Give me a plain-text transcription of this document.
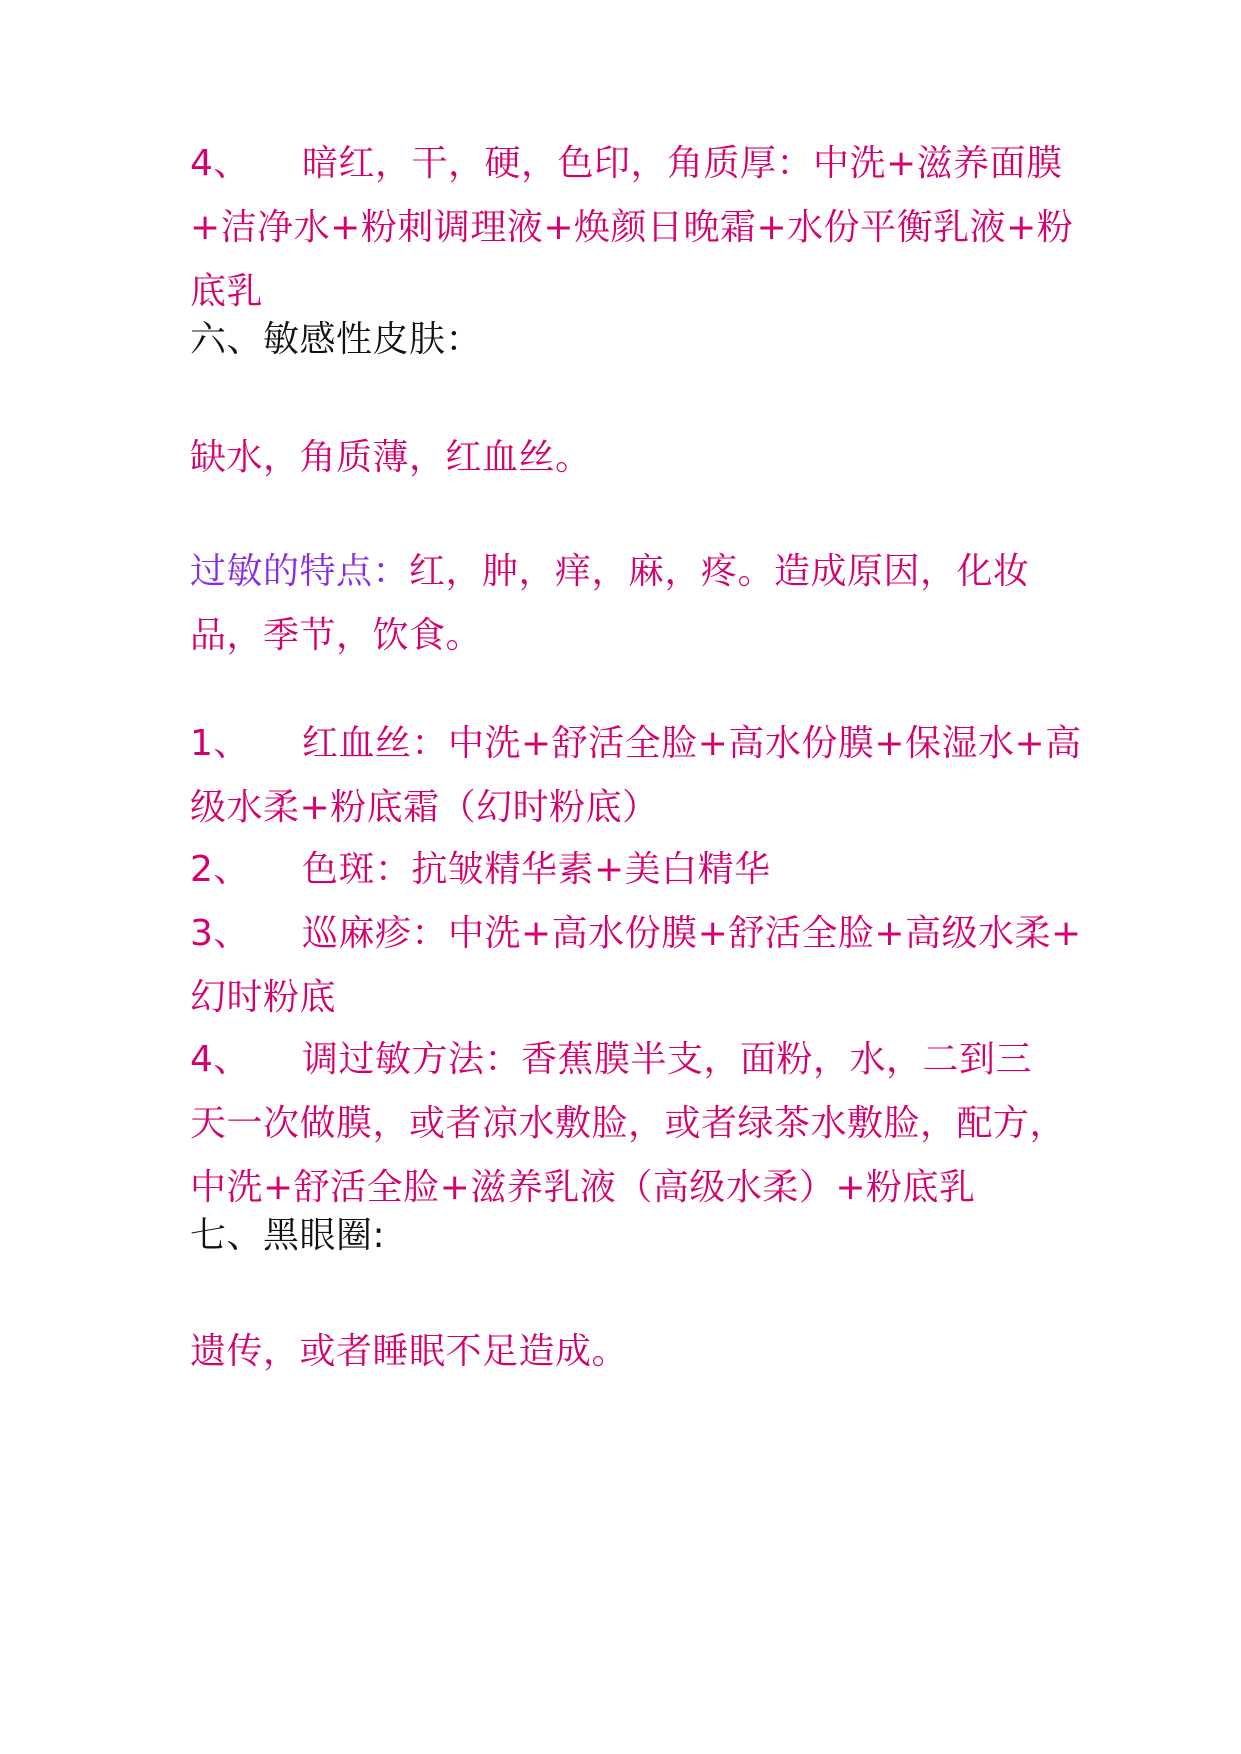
4、 暗红，干，硬，色印，角质厚：中洗+滋养面膜
+洁净水+粉刺调理液+焕颜日晚霜+水份平衡乳液+粉
底乳
六、敏感性皮肤：
缺水，角质薄，红血丝。
过敏的特点：红，肿，痒，麻，疼。造成原因，化妆
品，季节，饮食。
1、 红血丝：中洗+舒活全脸+高水份膜+保湿水+高
级水柔+粉底霜（幻时粉底）
2、 色斑：抗皱精华素+美白精华
3、 巡麻疹：中洗+高水份膜+舒活全脸+高级水柔+
幻时粉底
4、 调过敏方法：香蕉膜半支，面粉，水，二到三
天一次做膜，或者凉水敷脸，或者绿茶水敷脸，配方，
中洗+舒活全脸+滋养乳液（高级水柔）+粉底乳
七、黑眼圈:
遗传，或者睡眠不足造成。
